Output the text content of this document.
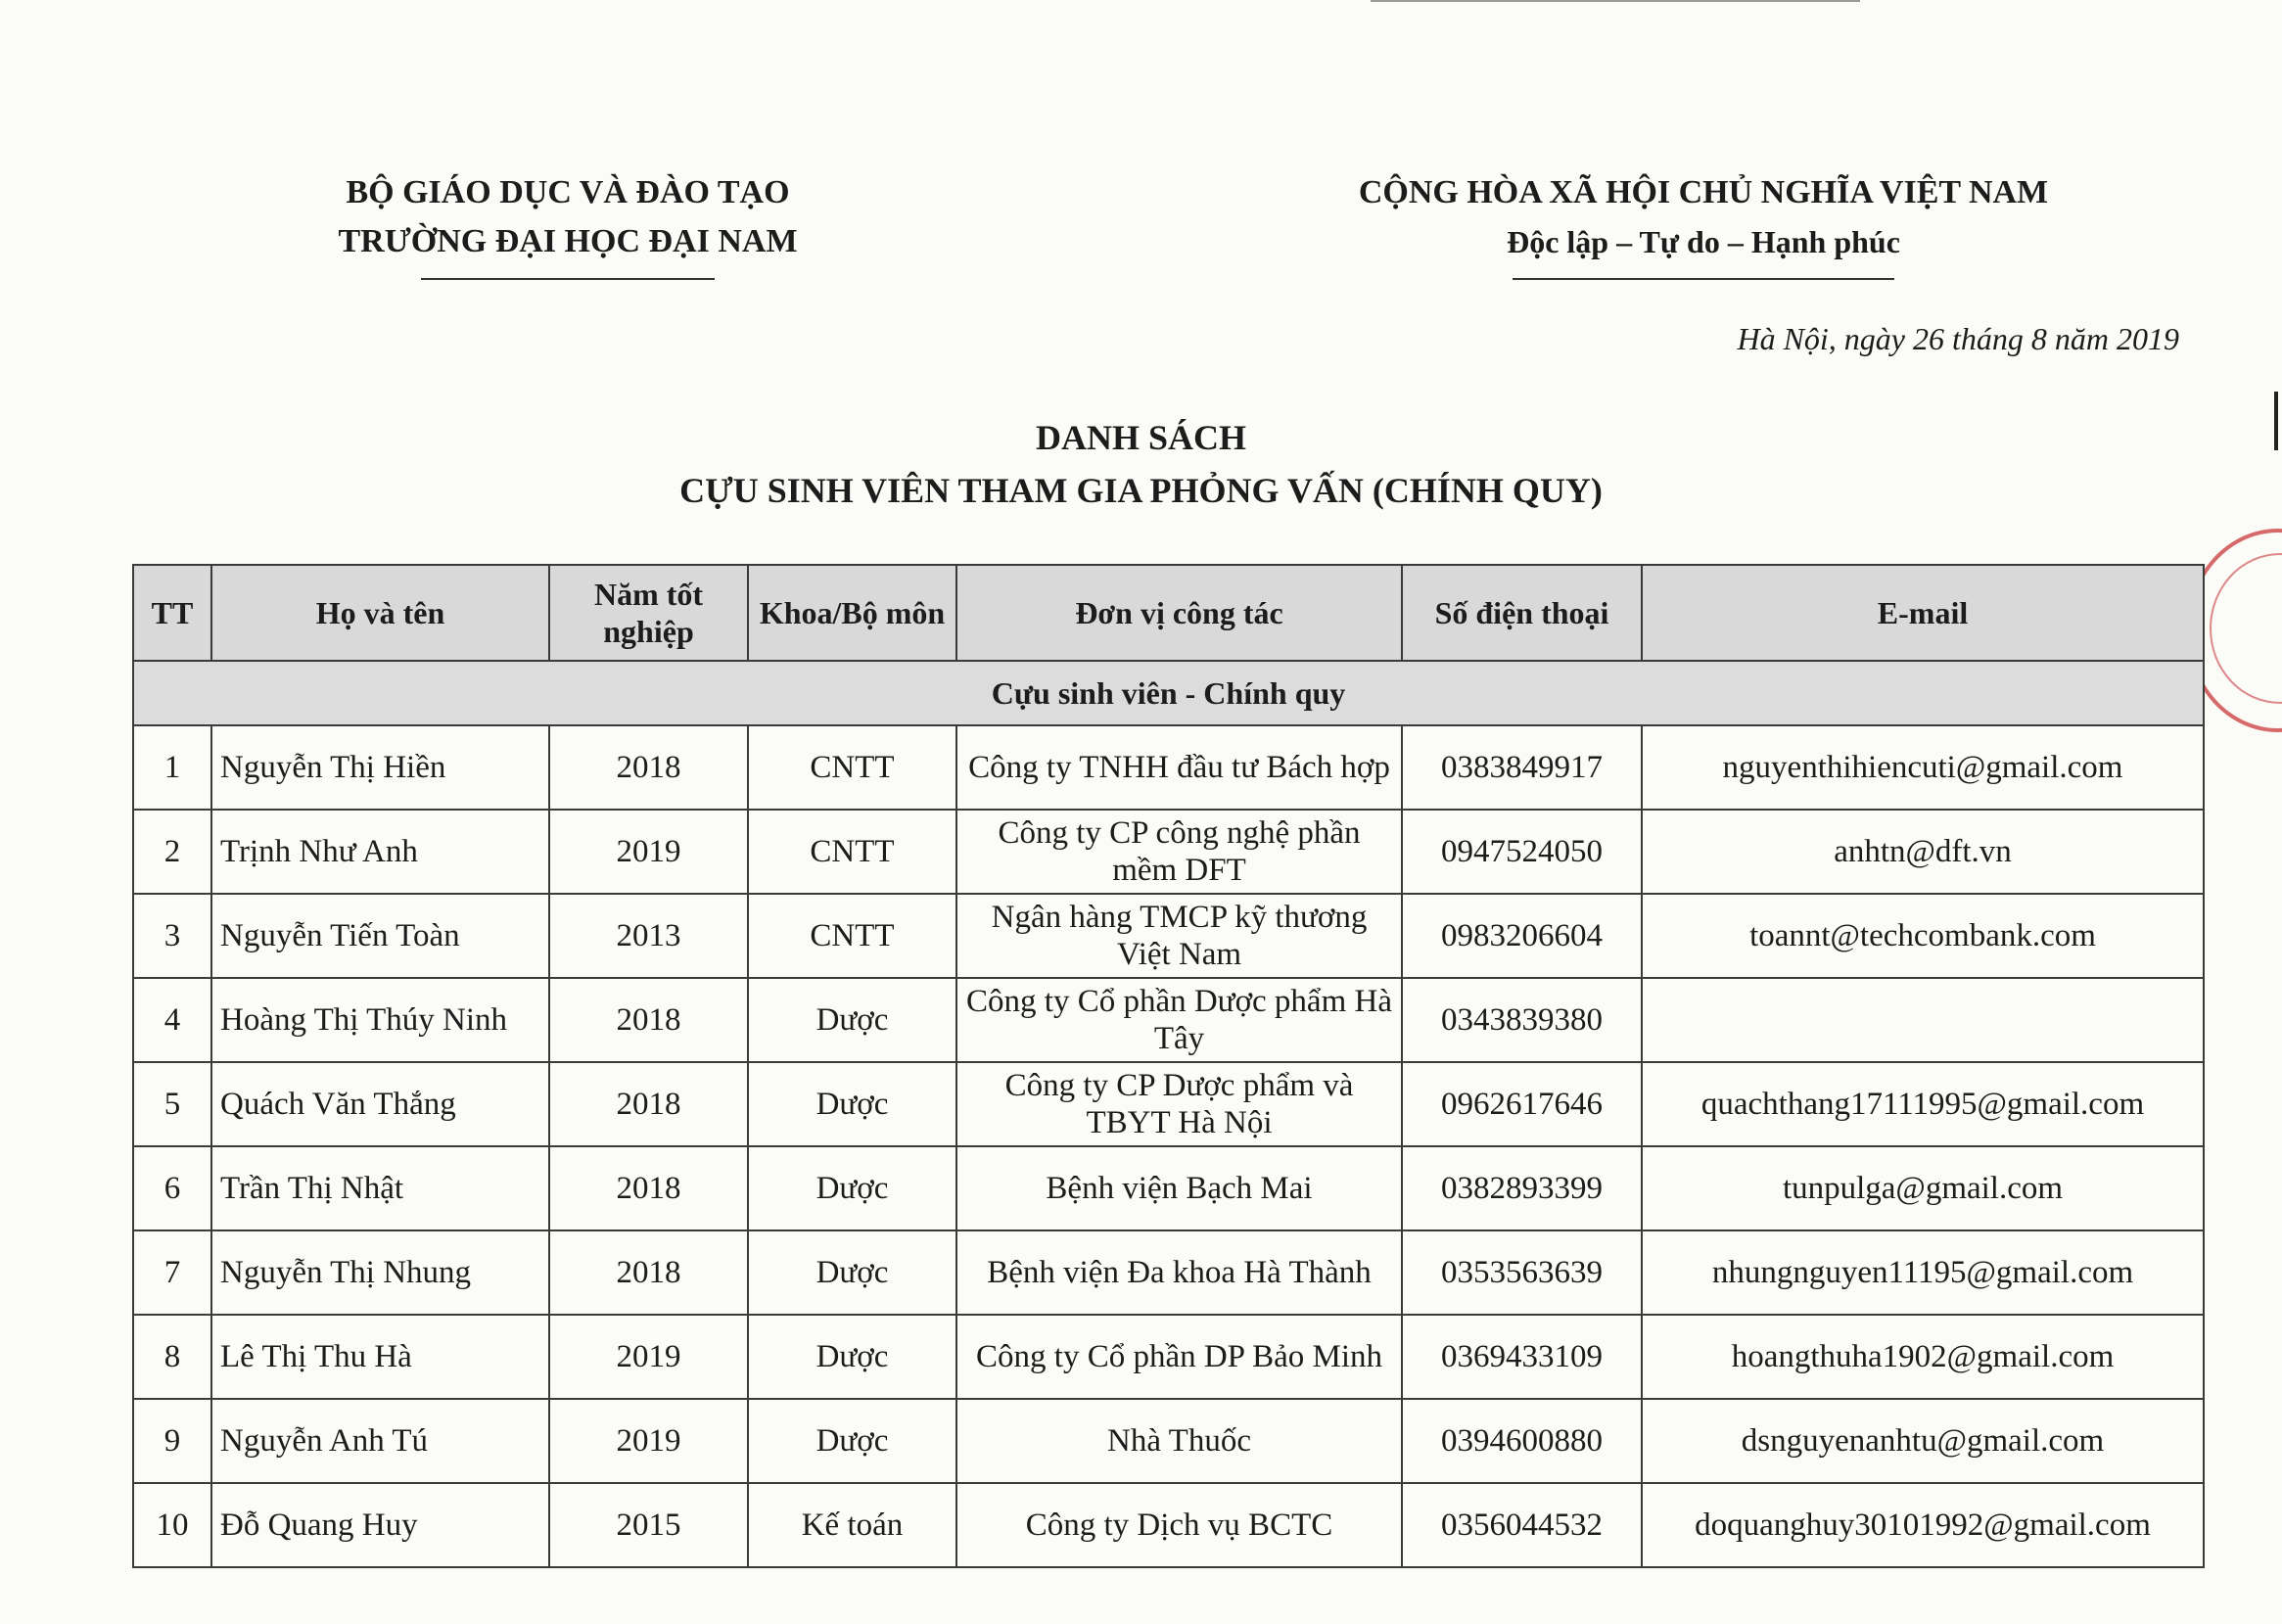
BỘ GIÁO DỤC VÀ ĐÀO TẠO
TRƯỜNG ĐẠI HỌC ĐẠI NAM
CỘNG HÒA XÃ HỘI CHỦ NGHĨA VIỆT NAM
Độc lập – Tự do – Hạnh phúc
Hà Nội, ngày 26 tháng 8 năm 2019
DANH SÁCH
CỰU SINH VIÊN THAM GIA PHỎNG VẤN (CHÍNH QUY)
TT	Họ và tên	Năm tốt nghiệp	Khoa/Bộ môn	Đơn vị công tác	Số điện thoại	E-mail
Cựu sinh viên - Chính quy						
1	Nguyễn Thị Hiền	2018	CNTT	Công ty TNHH đầu tư Bách hợp	0383849917	nguyenthihiencuti@gmail.com
2	Trịnh Như Anh	2019	CNTT	Công ty CP công nghệ phần mềm DFT	0947524050	anhtn@dft.vn
3	Nguyễn Tiến Toàn	2013	CNTT	Ngân hàng TMCP kỹ thương Việt Nam	0983206604	toannt@techcombank.com
4	Hoàng Thị Thúy Ninh	2018	Dược	Công ty Cổ phần Dược phẩm Hà Tây	0343839380	
5	Quách Văn Thắng	2018	Dược	Công ty CP Dược phẩm và TBYT Hà Nội	0962617646	quachthang17111995@gmail.com
6	Trần Thị Nhật	2018	Dược	Bệnh viện Bạch Mai	0382893399	tunpulga@gmail.com
7	Nguyễn Thị Nhung	2018	Dược	Bệnh viện Đa khoa Hà Thành	0353563639	nhungnguyen11195@gmail.com
8	Lê Thị Thu Hà	2019	Dược	Công ty Cổ phần DP Bảo Minh	0369433109	hoangthuha1902@gmail.com
9	Nguyễn Anh Tú	2019	Dược	Nhà Thuốc	0394600880	dsnguyenanhtu@gmail.com
10	Đỗ Quang Huy	2015	Kế toán	Công ty Dịch vụ BCTC	0356044532	doquanghuy30101992@gmail.com
